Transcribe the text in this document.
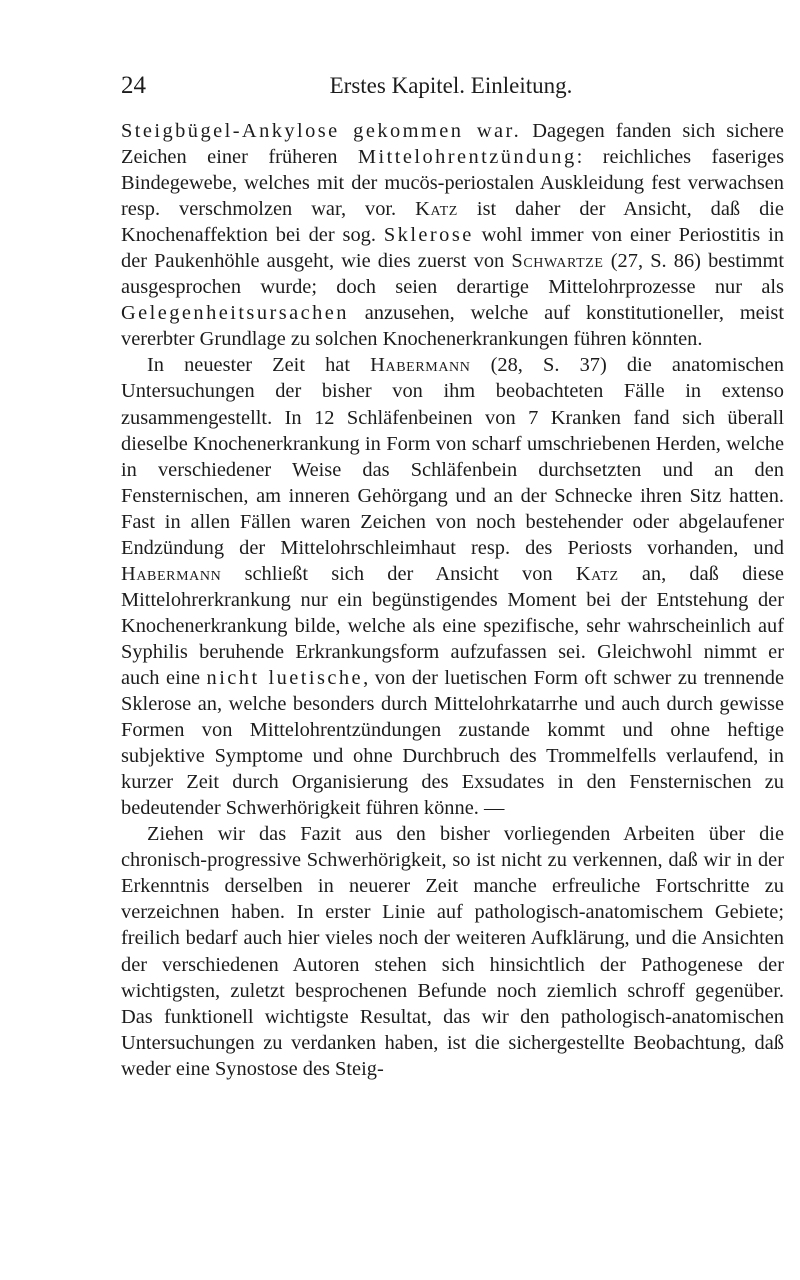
24	Erstes Kapitel. Einleitung.

Steigbügel-Ankylose gekommen war. Dagegen fanden sich sichere Zeichen einer früheren Mittelohrentzündung: reichliches faseriges Bindegewebe, welches mit der mucös-periostalen Auskleidung fest verwachsen resp. verschmolzen war, vor. Katz ist daher der Ansicht, daß die Knochenaffektion bei der sog. Sklerose wohl immer von einer Periostitis in der Paukenhöhle ausgeht, wie dies zuerst von Schwartze (27, S. 86) bestimmt ausgesprochen wurde; doch seien derartige Mittelohrprozesse nur als Gelegenheitsursachen anzusehen, welche auf konstitutioneller, meist vererbter Grundlage zu solchen Knochenerkrankungen führen könnten.

In neuester Zeit hat Habermann (28, S. 37) die anatomischen Untersuchungen der bisher von ihm beobachteten Fälle in extenso zusammengestellt. In 12 Schläfenbeinen von 7 Kranken fand sich überall dieselbe Knochenerkrankung in Form von scharf umschriebenen Herden, welche in verschiedener Weise das Schläfenbein durchsetzten und an den Fensternischen, am inneren Gehörgang und an der Schnecke ihren Sitz hatten. Fast in allen Fällen waren Zeichen von noch bestehender oder abgelaufener Endzündung der Mittelohrschleimhaut resp. des Periosts vorhanden, und Habermann schließt sich der Ansicht von Katz an, daß diese Mittelohrerkrankung nur ein begünstigendes Moment bei der Entstehung der Knochenerkrankung bilde, welche als eine spezifische, sehr wahrscheinlich auf Syphilis beruhende Erkrankungsform aufzufassen sei. Gleichwohl nimmt er auch eine nicht luetische, von der luetischen Form oft schwer zu trennende Sklerose an, welche besonders durch Mittelohrkatarrhe und auch durch gewisse Formen von Mittelohrentzündungen zustande kommt und ohne heftige subjektive Symptome und ohne Durchbruch des Trommelfells verlaufend, in kurzer Zeit durch Organisierung des Exsudates in den Fensternischen zu bedeutender Schwerhörigkeit führen könne. —

Ziehen wir das Fazit aus den bisher vorliegenden Arbeiten über die chronisch-progressive Schwerhörigkeit, so ist nicht zu verkennen, daß wir in der Erkenntnis derselben in neuerer Zeit manche erfreuliche Fortschritte zu verzeichnen haben. In erster Linie auf pathologisch-anatomischem Gebiete; freilich bedarf auch hier vieles noch der weiteren Aufklärung, und die Ansichten der verschiedenen Autoren stehen sich hinsichtlich der Pathogenese der wichtigsten, zuletzt besprochenen Befunde noch ziemlich schroff gegenüber. Das funktionell wichtigste Resultat, das wir den pathologisch-anatomischen Untersuchungen zu verdanken haben, ist die sichergestellte Beobachtung, daß weder eine Synostose des Steig-
